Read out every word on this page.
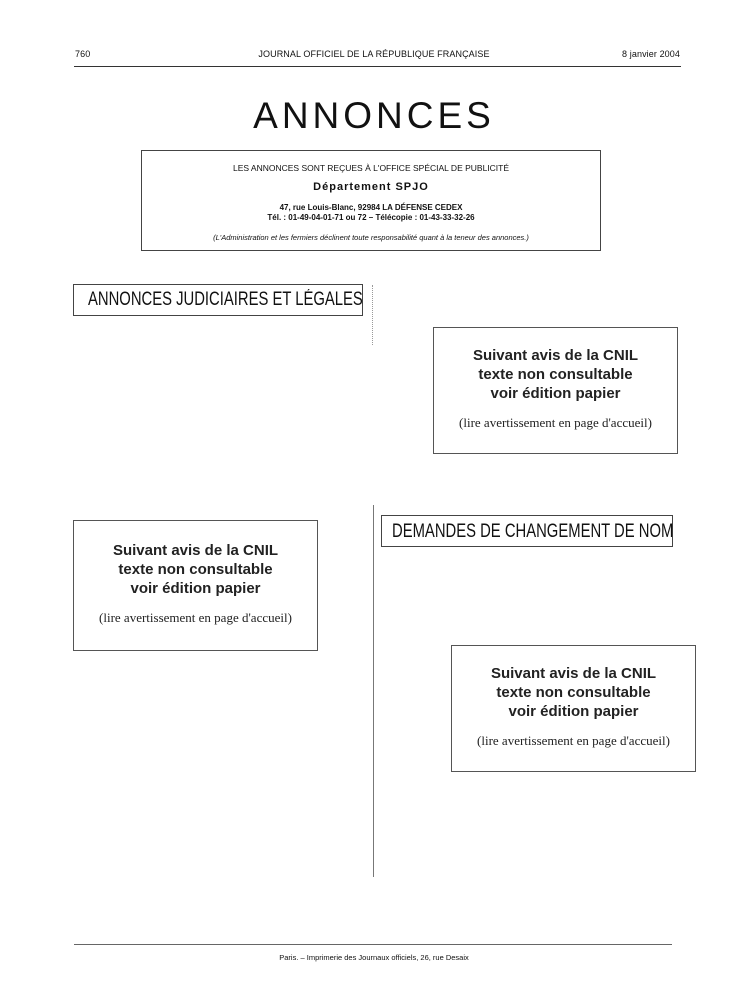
760	JOURNAL OFFICIEL DE LA RÉPUBLIQUE FRANÇAISE	8 janvier 2004
ANNONCES
LES ANNONCES SONT REÇUES À L'OFFICE SPÉCIAL DE PUBLICITÉ
Département SPJO
47, rue Louis-Blanc, 92984 LA DÉFENSE CEDEX
Tél. : 01-49-04-01-71 ou 72 – Télécopie : 01-43-33-32-26
(L'Administration et les fermiers déclinent toute responsabilité quant à la teneur des annonces.)
ANNONCES JUDICIAIRES ET LÉGALES
Suivant avis de la CNIL
texte non consultable
voir édition papier
(lire avertissement en page d'accueil)
Suivant avis de la CNIL
texte non consultable
voir édition papier
(lire avertissement en page d'accueil)
DEMANDES DE CHANGEMENT DE NOM
Suivant avis de la CNIL
texte non consultable
voir édition papier
(lire avertissement en page d'accueil)
Paris. – Imprimerie des Journaux officiels, 26, rue Desaix
